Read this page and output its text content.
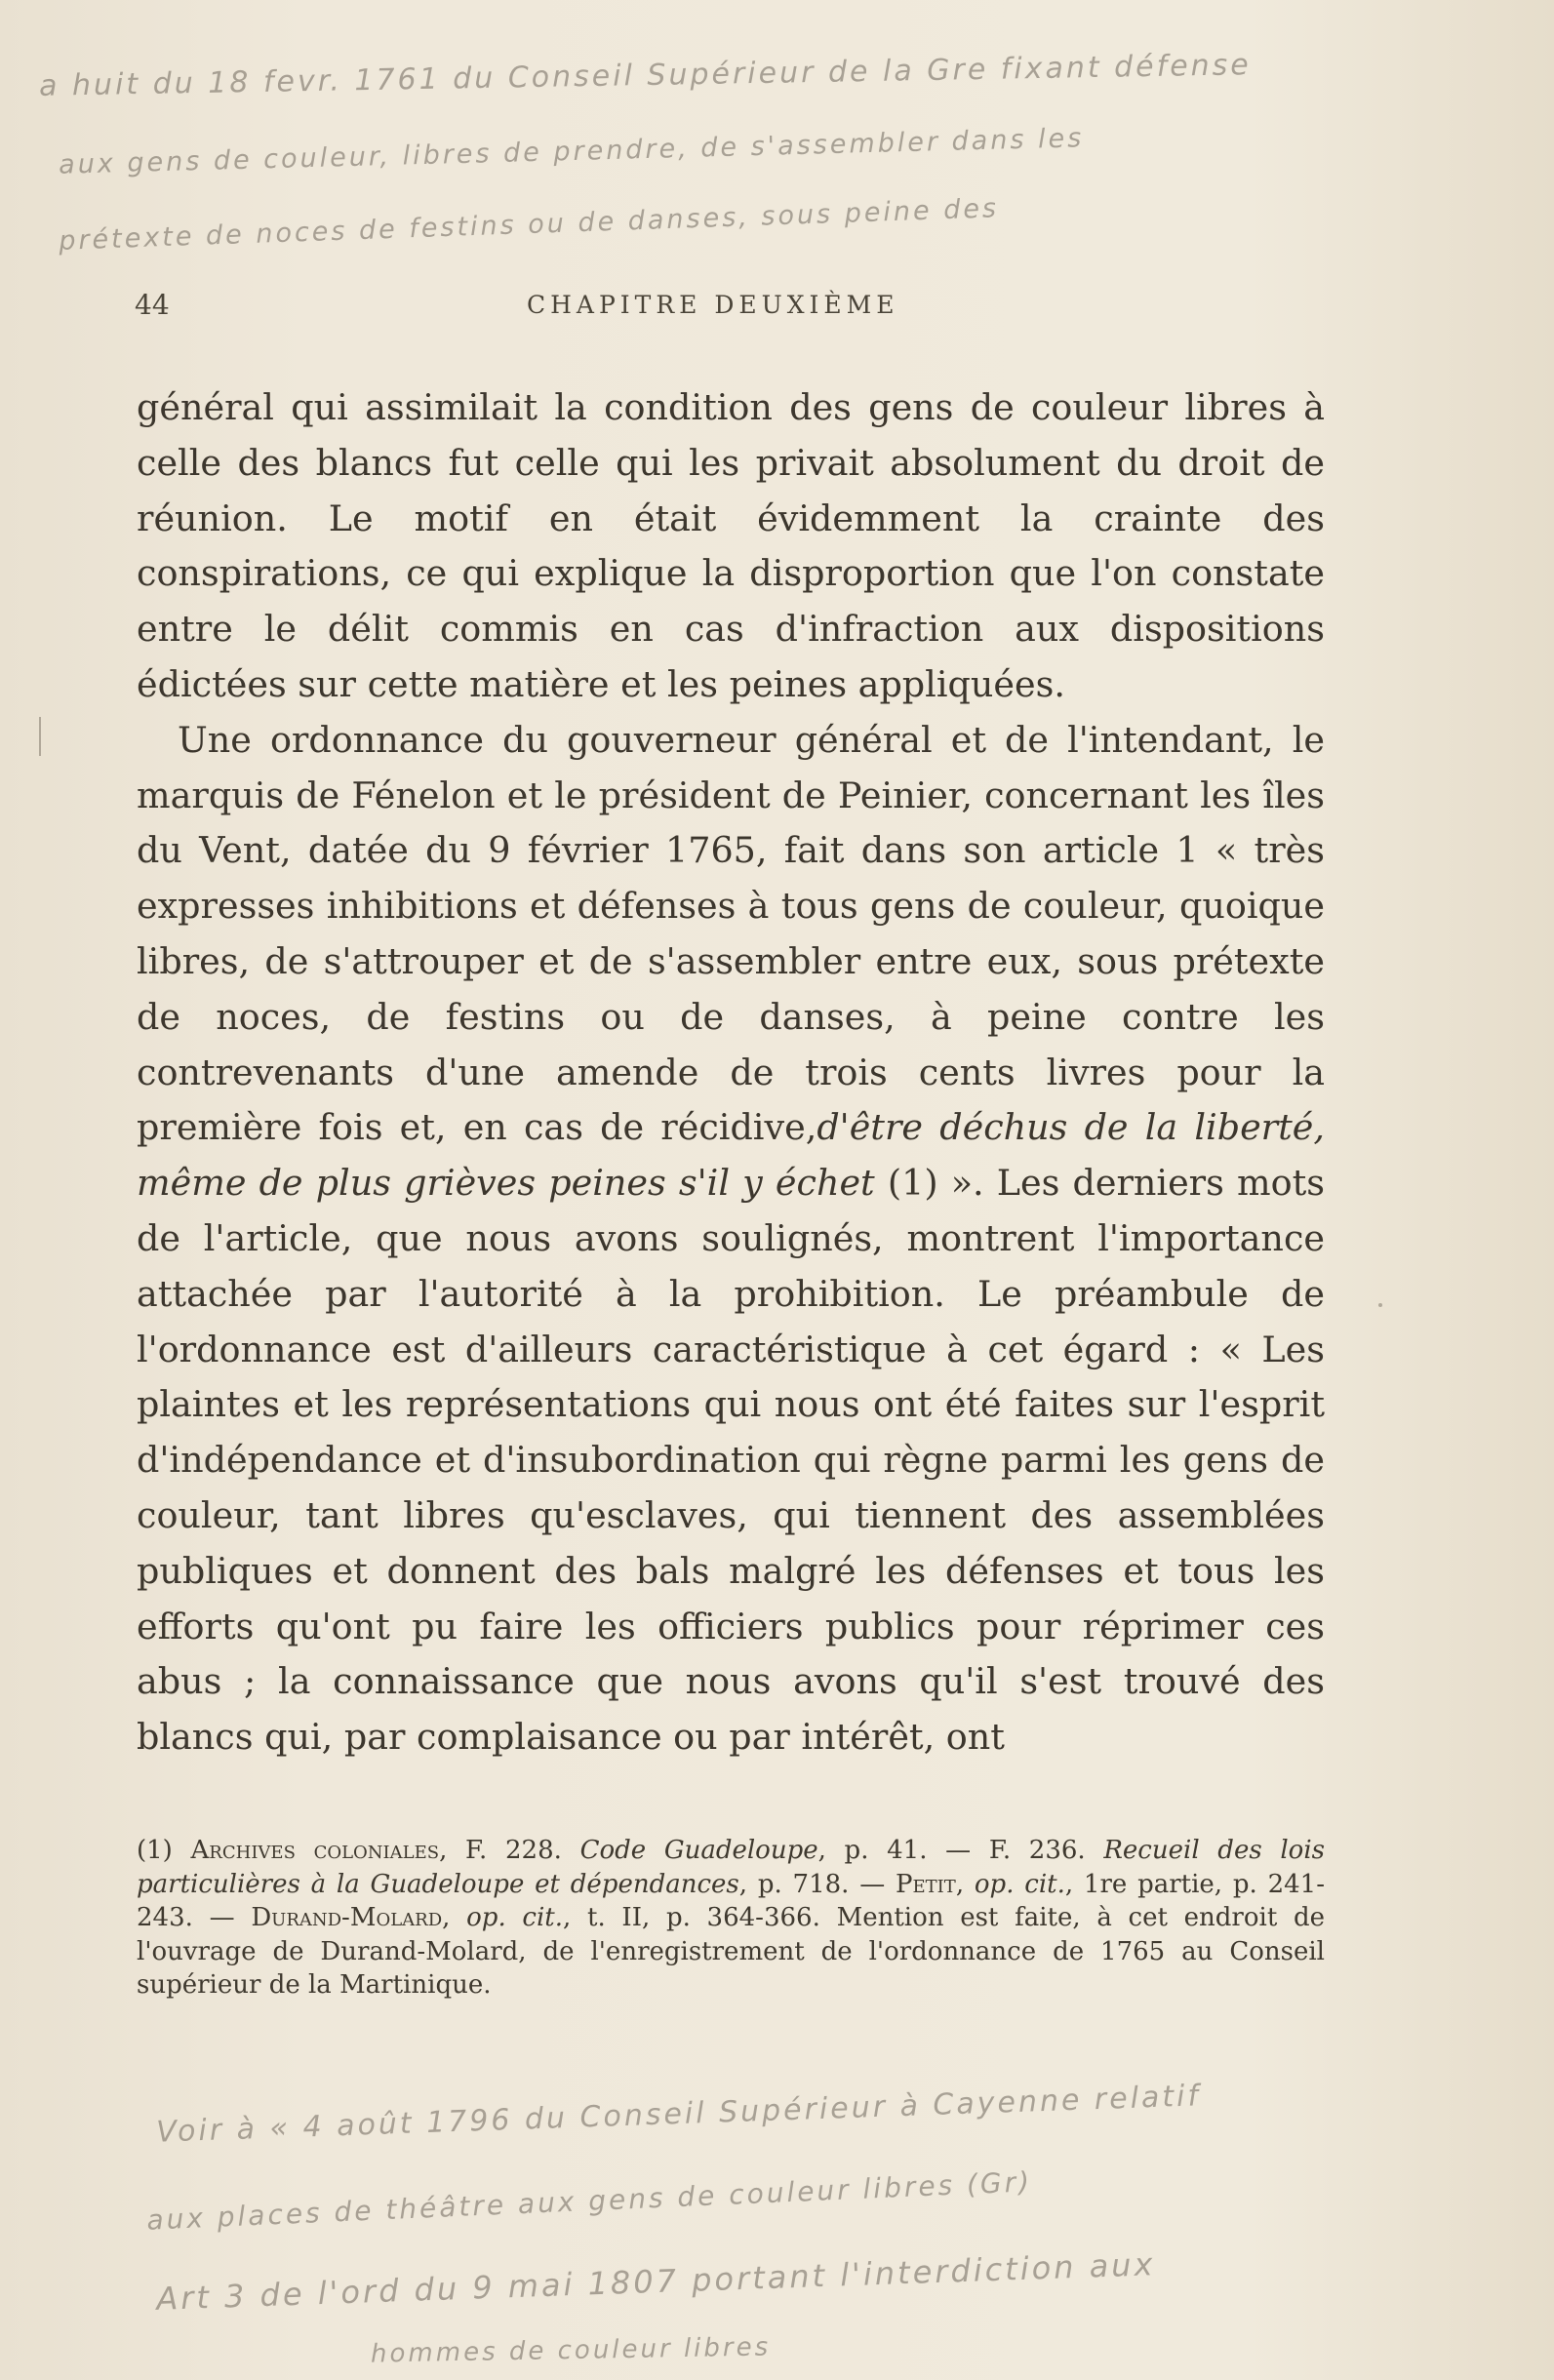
a huit du 18 fevr. 1761 du Conseil Supérieur de la Gre fixant défense
aux gens de couleur, libres de prendre, de s'assembler dans les
prétexte de noces de festins ou de danses, sous peine des
44	CHAPITRE DEUXIÈME

général qui assimilait la condition des gens de couleur libres à celle des blancs fut celle qui les privait absolument du droit de réunion. Le motif en était évidemment la crainte des conspirations, ce qui explique la disproportion que l'on constate entre le délit commis en cas d'infraction aux dispositions édictées sur cette matière et les peines appliquées.

Une ordonnance du gouverneur général et de l'intendant, le marquis de Fénelon et le président de Peinier, concernant les îles du Vent, datée du 9 février 1765, fait dans son article 1 « très expresses inhibitions et défenses à tous gens de couleur, quoique libres, de s'attrouper et de s'assembler entre eux, sous prétexte de noces, de festins ou de danses, à peine contre les contrevenants d'une amende de trois cents livres pour la première fois et, en cas de récidive,d'être déchus de la liberté, même de plus grièves peines s'il y échet (1) ». Les derniers mots de l'article, que nous avons soulignés, montrent l'importance attachée par l'autorité à la prohibition. Le préambule de l'ordonnance est d'ailleurs caractéristique à cet égard : « Les plaintes et les représentations qui nous ont été faites sur l'esprit d'indépendance et d'insubordination qui règne parmi les gens de couleur, tant libres qu'esclaves, qui tiennent des assemblées publiques et donnent des bals malgré les défenses et tous les efforts qu'ont pu faire les officiers publics pour réprimer ces abus ; la connaissance que nous avons qu'il s'est trouvé des blancs qui, par complaisance ou par intérêt, ont

(1) Archives coloniales, F. 228. Code Guadeloupe, p. 41. — F. 236. Recueil des lois particulières à la Guadeloupe et dépendances, p. 718. — Petit, op. cit., 1re partie, p. 241-243. — Durand-Molard, op. cit., t. II, p. 364-366. Mention est faite, à cet endroit de l'ouvrage de Durand-Molard, de l'enregistrement de l'ordonnance de 1765 au Conseil supérieur de la Martinique.

Voir à « 4 août 1796 du Conseil Supérieur à Cayenne relatif
aux places de théâtre aux gens de couleur libres (Gr)
Art 3 de l'ord du 9 mai 1807 portant l'interdiction aux
hommes de couleur libres
